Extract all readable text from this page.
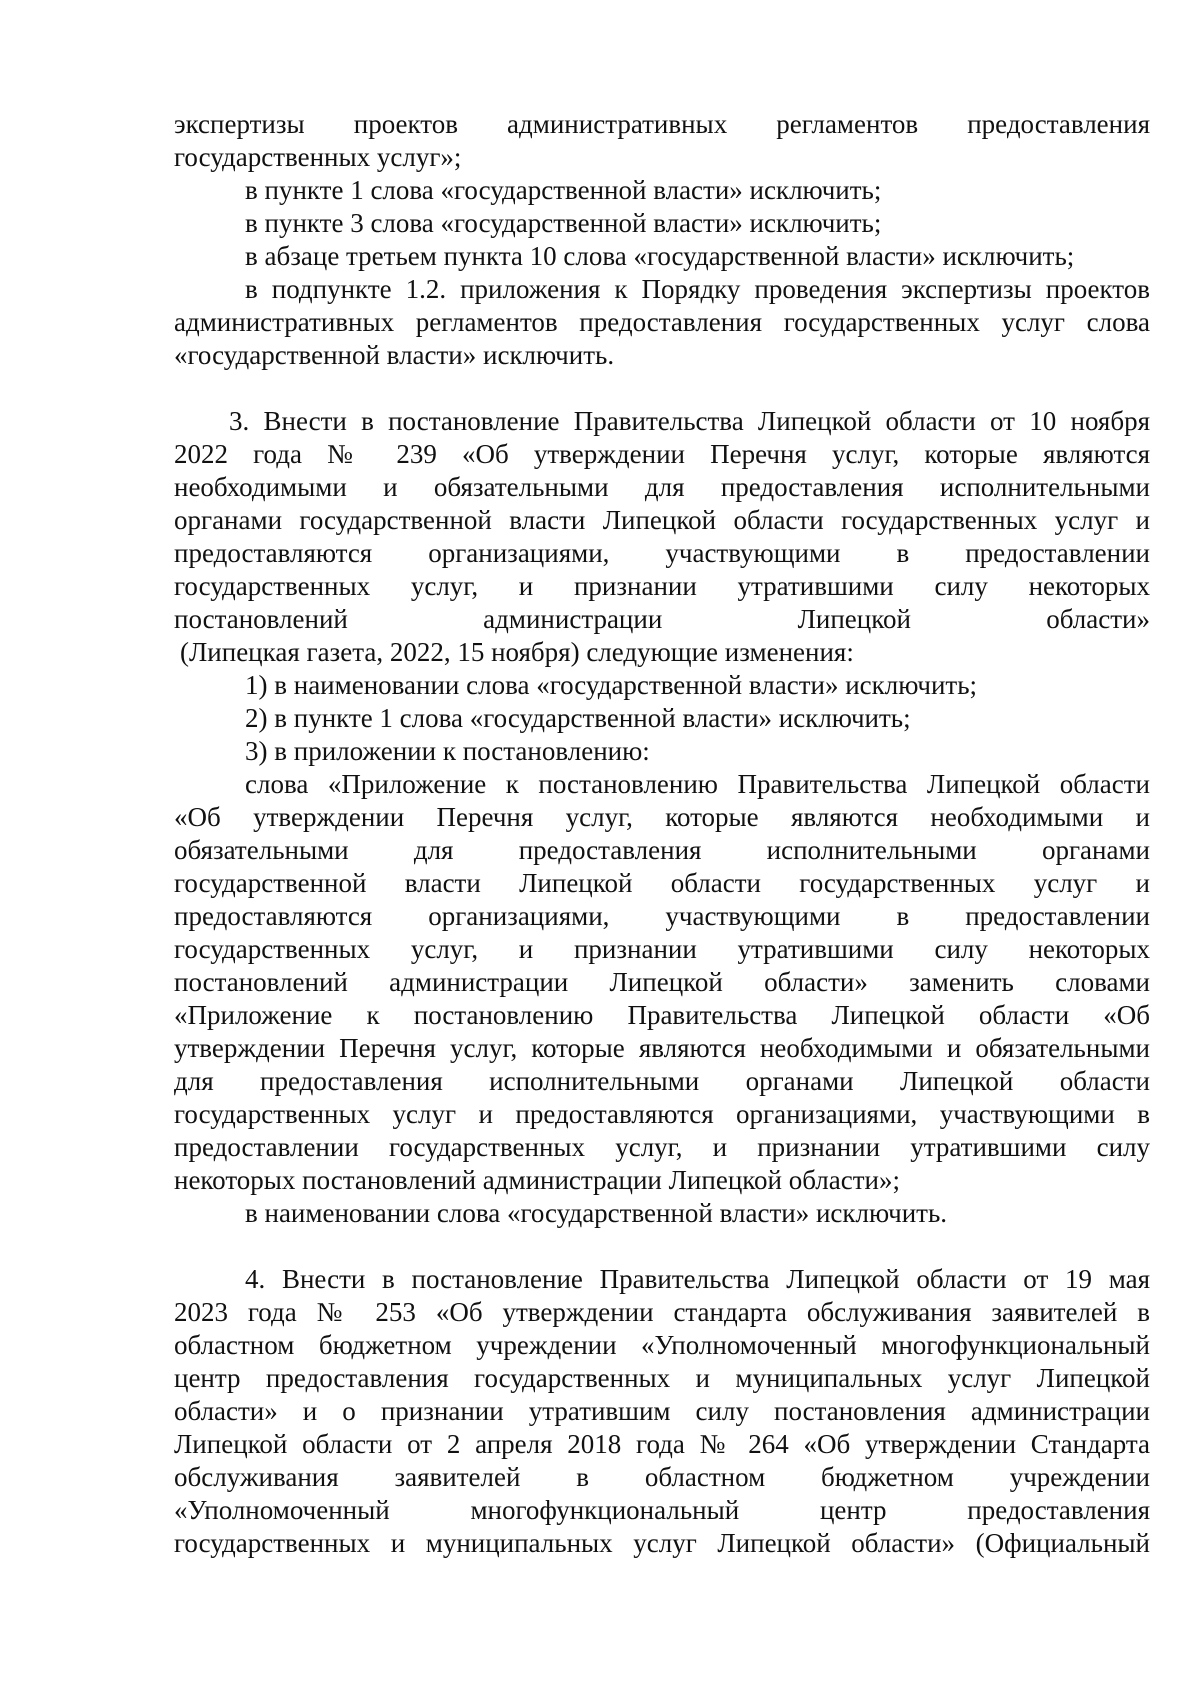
экспертизы проектов административных регламентов предоставления
государственных услуг»;
в пункте 1 слова «государственной власти» исключить;
в пункте 3 слова «государственной власти» исключить;
в абзаце третьем пункта 10 слова «государственной власти» исключить;
в подпункте 1.2. приложения к Порядку проведения экспертизы проектов
административных регламентов предоставления государственных услуг слова
«государственной власти» исключить.
3. Внести в постановление Правительства Липецкой области от 10 ноября
2022 года № 239 «Об утверждении Перечня услуг, которые являются
необходимыми и обязательными для предоставления исполнительными
органами государственной власти Липецкой области государственных услуг и
предоставляются организациями, участвующими в предоставлении
государственных услуг, и признании утратившими силу некоторых
постановлений администрации Липецкой области»
(Липецкая газета, 2022, 15 ноября) следующие изменения:
1) в наименовании слова «государственной власти» исключить;
2) в пункте 1 слова «государственной власти» исключить;
3) в приложении к постановлению:
слова «Приложение к постановлению Правительства Липецкой области
«Об утверждении Перечня услуг, которые являются необходимыми и
обязательными для предоставления исполнительными органами
государственной власти Липецкой области государственных услуг и
предоставляются организациями, участвующими в предоставлении
государственных услуг, и признании утратившими силу некоторых
постановлений администрации Липецкой области» заменить словами
«Приложение к постановлению Правительства Липецкой области «Об
утверждении Перечня услуг, которые являются необходимыми и обязательными
для предоставления исполнительными органами Липецкой области
государственных услуг и предоставляются организациями, участвующими в
предоставлении государственных услуг, и признании утратившими силу
некоторых постановлений администрации Липецкой области»;
в наименовании слова «государственной власти» исключить.
4. Внести в постановление Правительства Липецкой области от 19 мая
2023 года № 253 «Об утверждении стандарта обслуживания заявителей в
областном бюджетном учреждении «Уполномоченный многофункциональный
центр предоставления государственных и муниципальных услуг Липецкой
области» и о признании утратившим силу постановления администрации
Липецкой области от 2 апреля 2018 года № 264 «Об утверждении Стандарта
обслуживания заявителей в областном бюджетном учреждении
«Уполномоченный многофункциональный центр предоставления
государственных и муниципальных услуг Липецкой области» (Официальный
